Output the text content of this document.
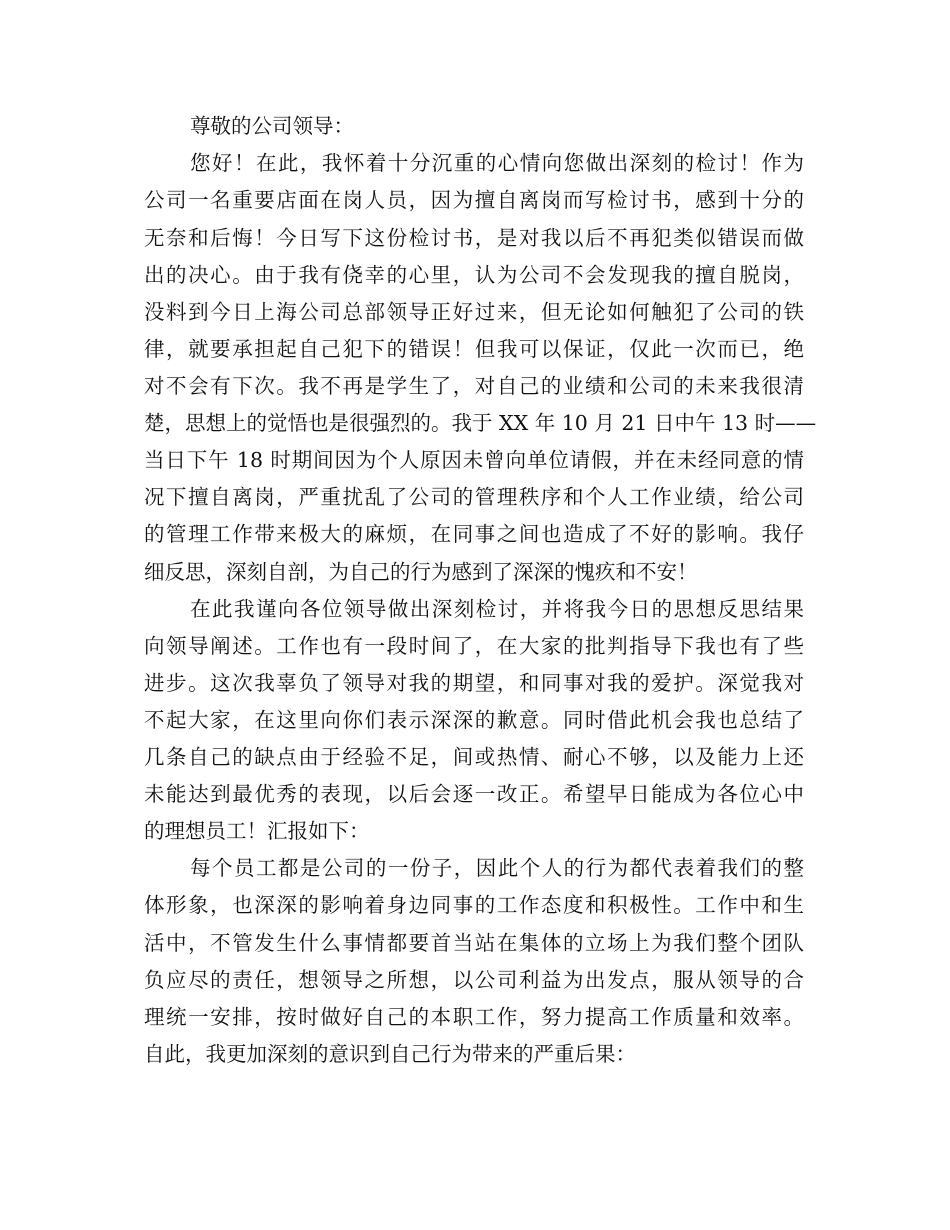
尊敬的公司领导：
您好！在此，我怀着十分沉重的心情向您做出深刻的检讨！作为
公司一名重要店面在岗人员，因为擅自离岗而写检讨书，感到十分的
无奈和后悔！今日写下这份检讨书，是对我以后不再犯类似错误而做
出的决心。由于我有侥幸的心里，认为公司不会发现我的擅自脱岗，
没料到今日上海公司总部领导正好过来，但无论如何触犯了公司的铁
律，就要承担起自己犯下的错误！但我可以保证，仅此一次而已，绝
对不会有下次。我不再是学生了，对自己的业绩和公司的未来我很清
楚，思想上的觉悟也是很强烈的。我于 XX 年 10 月 21 日中午 13 时——
当日下午 18 时期间因为个人原因未曾向单位请假，并在未经同意的情
况下擅自离岗，严重扰乱了公司的管理秩序和个人工作业绩，给公司
的管理工作带来极大的麻烦，在同事之间也造成了不好的影响。我仔
细反思，深刻自剖，为自己的行为感到了深深的愧疚和不安！
在此我谨向各位领导做出深刻检讨，并将我今日的思想反思结果
向领导阐述。工作也有一段时间了，在大家的批判指导下我也有了些
进步。这次我辜负了领导对我的期望，和同事对我的爱护。深觉我对
不起大家，在这里向你们表示深深的歉意。同时借此机会我也总结了
几条自己的缺点由于经验不足，间或热情、耐心不够，以及能力上还
未能达到最优秀的表现，以后会逐一改正。希望早日能成为各位心中
的理想员工！汇报如下：
每个员工都是公司的一份子，因此个人的行为都代表着我们的整
体形象，也深深的影响着身边同事的工作态度和积极性。工作中和生
活中，不管发生什么事情都要首当站在集体的立场上为我们整个团队
负应尽的责任，想领导之所想，以公司利益为出发点，服从领导的合
理统一安排，按时做好自己的本职工作，努力提高工作质量和效率。
自此，我更加深刻的意识到自己行为带来的严重后果：
